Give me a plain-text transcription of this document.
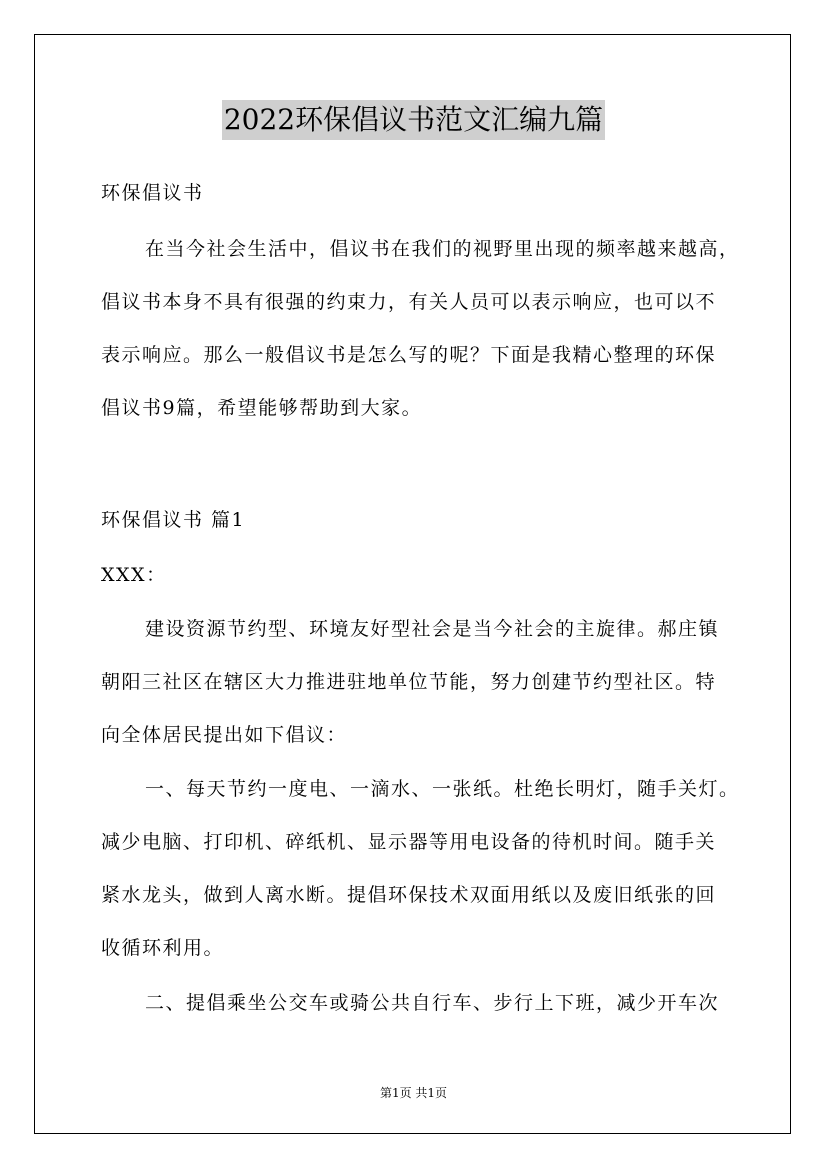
2022环保倡议书范文汇编九篇
环保倡议书
在当今社会生活中，倡议书在我们的视野里出现的频率越来越高，
倡议书本身不具有很强的约束力，有关人员可以表示响应，也可以不
表示响应。那么一般倡议书是怎么写的呢？下面是我精心整理的环保
倡议书9篇，希望能够帮助到大家。
环保倡议书 篇1
XXX：
建设资源节约型、环境友好型社会是当今社会的主旋律。郝庄镇
朝阳三社区在辖区大力推进驻地单位节能，努力创建节约型社区。特
向全体居民提出如下倡议：
一、每天节约一度电、一滴水、一张纸。杜绝长明灯，随手关灯。
减少电脑、打印机、碎纸机、显示器等用电设备的待机时间。随手关
紧水龙头，做到人离水断。提倡环保技术双面用纸以及废旧纸张的回
收循环利用。
二、提倡乘坐公交车或骑公共自行车、步行上下班，减少开车次
第1页 共1页
